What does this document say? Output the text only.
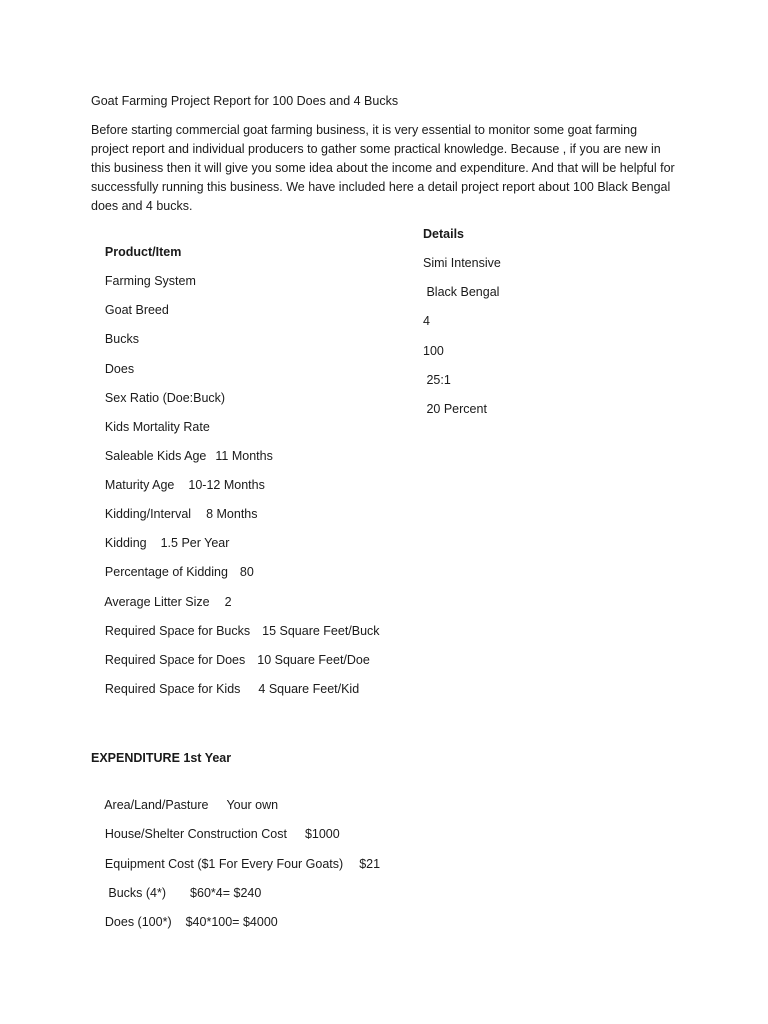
Goat Farming Project Report for 100 Does and 4 Bucks

Before starting commercial goat farming business, it is very essential to monitor some goat farming project report and individual producers to gather some practical knowledge. Because , if you are new in this business then it will give you some idea about the income and expenditure. And that will be helpful for successfully running this business. We have included here a detail project report about 100 Black Bengal does and 4 bucks.

Product/Item

Details

Farming System

Simi Intensive

Goat Breed

Black Bengal

Bucks

4

Does

100

Sex Ratio (Doe:Buck)

25:1

Kids Mortality Rate

20 Percent

Saleable Kids Age 11 Months

Maturity Age 10-12 Months

Kidding/Interval 8 Months

Kidding 1.5 Per Year

Percentage of Kidding 80

Average Litter Size 2

Required Space for Bucks 15 Square Feet/Buck

Required Space for Does 10 Square Feet/Doe

Required Space for Kids 4 Square Feet/Kid

EXPENDITURE 1st Year

Area/Land/Pasture Your own

House/Shelter Construction Cost $1000

Equipment Cost ($1 For Every Four Goats) $21

Bucks (4*) $60*4= $240

Does (100*) $40*100= $4000
